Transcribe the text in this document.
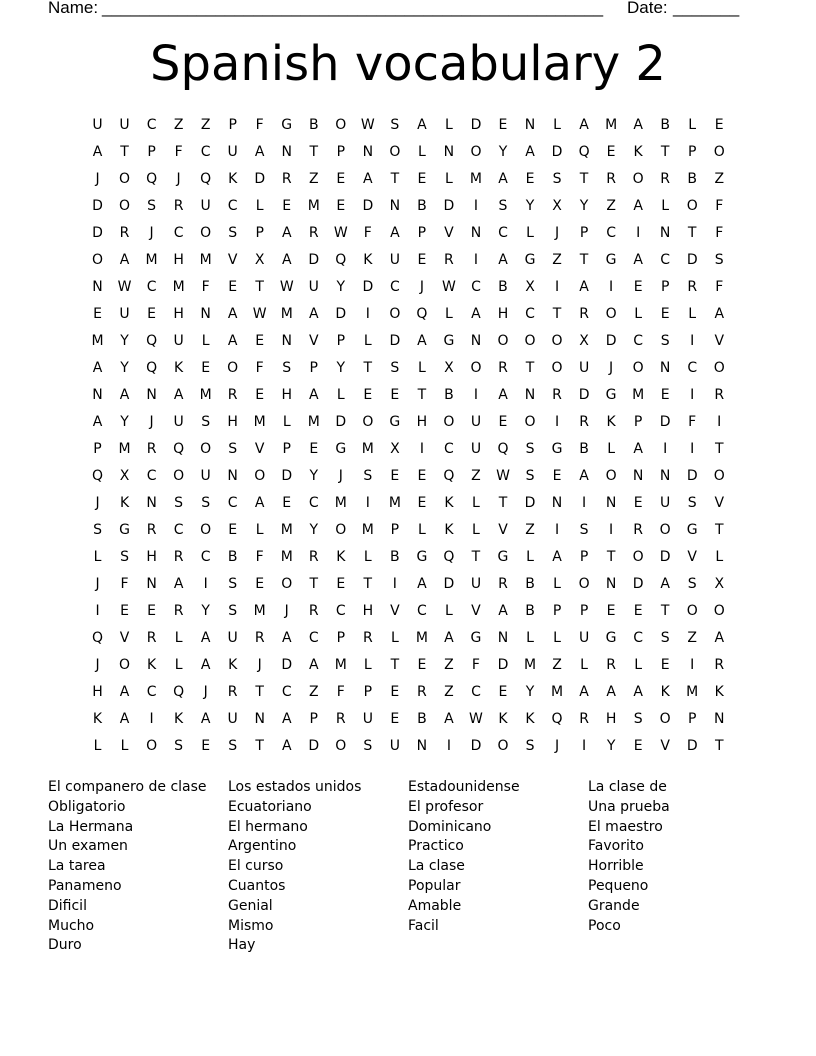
Name: _____________________________________________________ Date: _______
Spanish vocabulary 2
U	U	C	Z	Z	P	F	G	B	O	W	S	A	L	D	E	N	L	A	M	A	B	L	E
A	T	P	F	C	U	A	N	T	P	N	O	L	N	O	Y	A	D	Q	E	K	T	P	O
J	O	Q	J	Q	K	D	R	Z	E	A	T	E	L	M	A	E	S	T	R	O	R	B	Z
D	O	S	R	U	C	L	E	M	E	D	N	B	D	I	S	Y	X	Y	Z	A	L	O	F
D	R	J	C	O	S	P	A	R	W	F	A	P	V	N	C	L	J	P	C	I	N	T	F
O	A	M	H	M	V	X	A	D	Q	K	U	E	R	I	A	G	Z	T	G	A	C	D	S
N	W	C	M	F	E	T	W	U	Y	D	C	J	W	C	B	X	I	A	I	E	P	R	F
E	U	E	H	N	A	W	M	A	D	I	O	Q	L	A	H	C	T	R	O	L	E	L	A
M	Y	Q	U	L	A	E	N	V	P	L	D	A	G	N	O	O	O	X	D	C	S	I	V
A	Y	Q	K	E	O	F	S	P	Y	T	S	L	X	O	R	T	O	U	J	O	N	C	O
N	A	N	A	M	R	E	H	A	L	E	E	T	B	I	A	N	R	D	G	M	E	I	R
A	Y	J	U	S	H	M	L	M	D	O	G	H	O	U	E	O	I	R	K	P	D	F	I
P	M	R	Q	O	S	V	P	E	G	M	X	I	C	U	Q	S	G	B	L	A	I	I	T
Q	X	C	O	U	N	O	D	Y	J	S	E	E	Q	Z	W	S	E	A	O	N	N	D	O
J	K	N	S	S	C	A	E	C	M	I	M	E	K	L	T	D	N	I	N	E	U	S	V
S	G	R	C	O	E	L	M	Y	O	M	P	L	K	L	V	Z	I	S	I	R	O	G	T
L	S	H	R	C	B	F	M	R	K	L	B	G	Q	T	G	L	A	P	T	O	D	V	L
J	F	N	A	I	S	E	O	T	E	T	I	A	D	U	R	B	L	O	N	D	A	S	X
I	E	E	R	Y	S	M	J	R	C	H	V	C	L	V	A	B	P	P	E	E	T	O	O
Q	V	R	L	A	U	R	A	C	P	R	L	M	A	G	N	L	L	U	G	C	S	Z	A
J	O	K	L	A	K	J	D	A	M	L	T	E	Z	F	D	M	Z	L	R	L	E	I	R
H	A	C	Q	J	R	T	C	Z	F	P	E	R	Z	C	E	Y	M	A	A	A	K	M	K
K	A	I	K	A	U	N	A	P	R	U	E	B	A	W	K	K	Q	R	H	S	O	P	N
L	L	O	S	E	S	T	A	D	O	S	U	N	I	D	O	S	J	I	Y	E	V	D	T
El companero de clase
Obligatorio
La Hermana
Un examen
La tarea
Panameno
Dificil
Mucho
Duro
Los estados unidos
Ecuatoriano
El hermano
Argentino
El curso
Cuantos
Genial
Mismo
Hay
Estadounidense
El profesor
Dominicano
Practico
La clase
Popular
Amable
Facil
La clase de
Una prueba
El maestro
Favorito
Horrible
Pequeno
Grande
Poco
